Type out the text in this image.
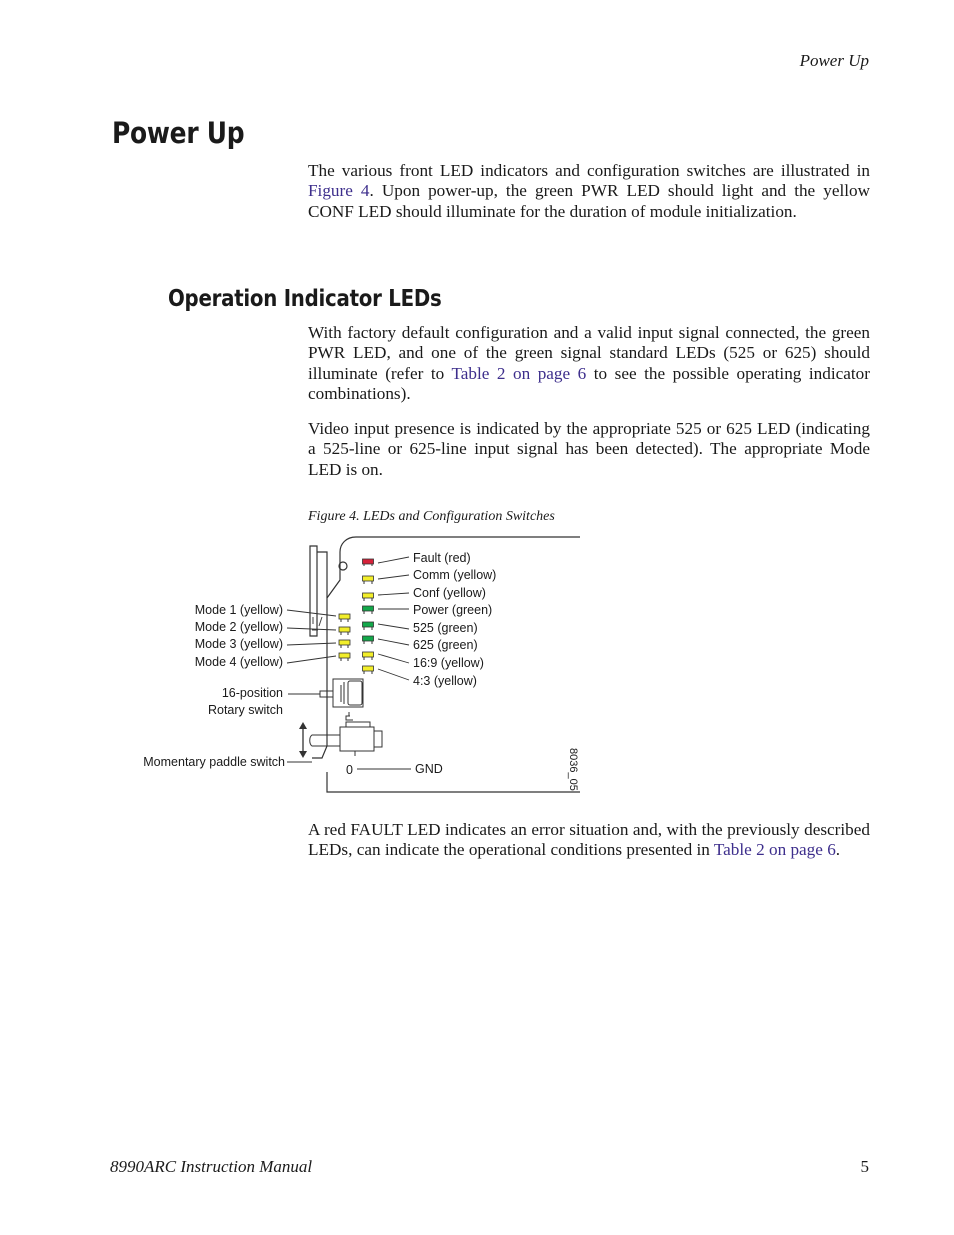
Power Up
Power Up

The various front LED indicators and configuration switches are illustrated in Figure 4. Upon power-up, the green PWR LED should light and the yellow CONF LED should illuminate for the duration of module initialization.

Operation Indicator LEDs

With factory default configuration and a valid input signal connected, the green PWR LED, and one of the green signal standard LEDs (525 or 625) should illuminate (refer to Table 2 on page 6 to see the possible operating indicator combinations).

Video input presence is indicated by the appropriate 525 or 625 LED (indicating a 525-line or 625-line input signal has been detected). The appropriate Mode LED is on.

Figure 4. LEDs and Configuration Switches
Fault (red)
Comm (yellow)
Conf (yellow)
Power (green)
525 (green)
625 (green)
16:9 (yellow)
4:3 (yellow)
Mode 1 (yellow)
Mode 2 (yellow)
Mode 3 (yellow)
Mode 4 (yellow)
16-position
Rotary switch
Momentary paddle switch
0	GND	8036_05

A red FAULT LED indicates an error situation and, with the previously described LEDs, can indicate the operational conditions presented in Table 2 on page 6.

8990ARC Instruction Manual	5
